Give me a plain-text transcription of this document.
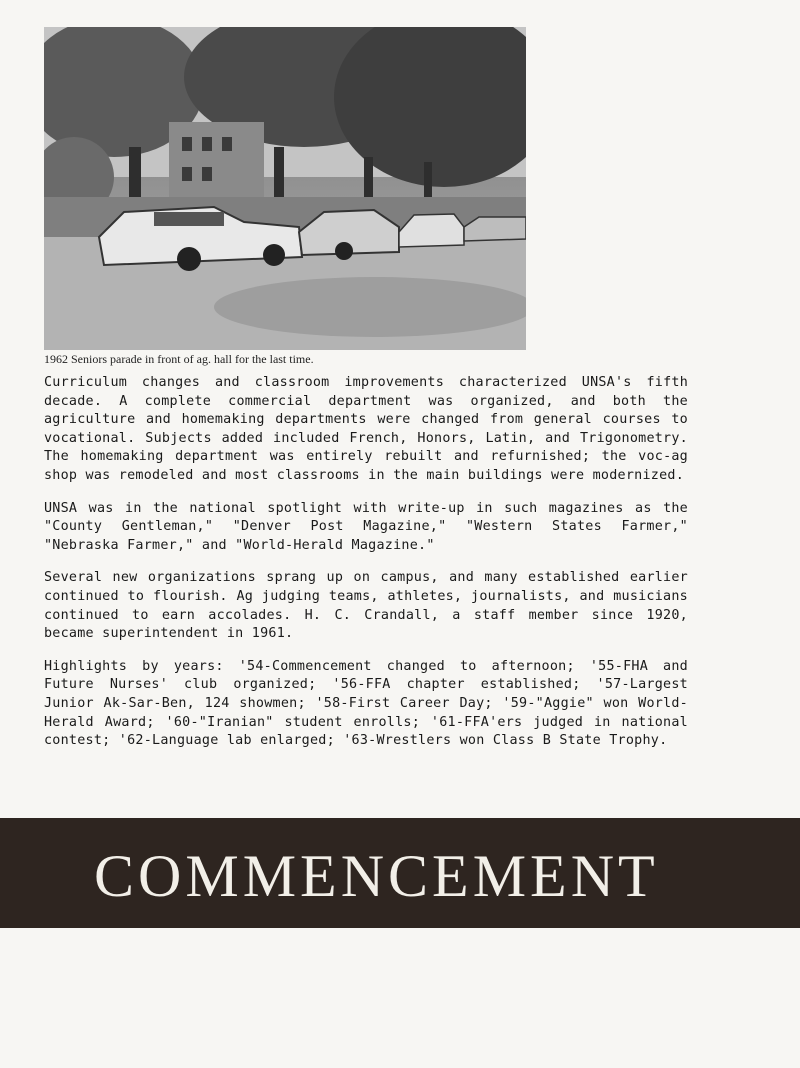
1962 Seniors parade in front of ag. hall for the last time.

Curriculum changes and classroom improvements characterized UNSA's fifth decade. A complete commercial department was organized, and both the agriculture and homemaking departments were changed from general courses to vocational. Subjects added included French, Honors, Latin, and Trigonometry. The homemaking department was entirely rebuilt and refurnished; the voc-ag shop was remodeled and most classrooms in the main buildings were modernized.

UNSA was in the national spotlight with write-up in such magazines as the "County Gentleman," "Denver Post Magazine," "Western States Farmer," "Nebraska Farmer," and "World-Herald Magazine."

Several new organizations sprang up on campus, and many established earlier continued to flourish. Ag judging teams, athletes, journalists, and musicians continued to earn accolades. H. C. Crandall, a staff member since 1920, became superintendent in 1961.

Highlights by years: '54-Commencement changed to afternoon; '55-FHA and Future Nurses' club organized; '56-FFA chapter established; '57-Largest Junior Ak-Sar-Ben, 124 showmen; '58-First Career Day; '59-"Aggie" won World-Herald Award; '60-"Iranian" student enrolls; '61-FFA'ers judged in national contest; '62-Language lab enlarged; '63-Wrestlers won Class B State Trophy.

COMMENCEMENT
